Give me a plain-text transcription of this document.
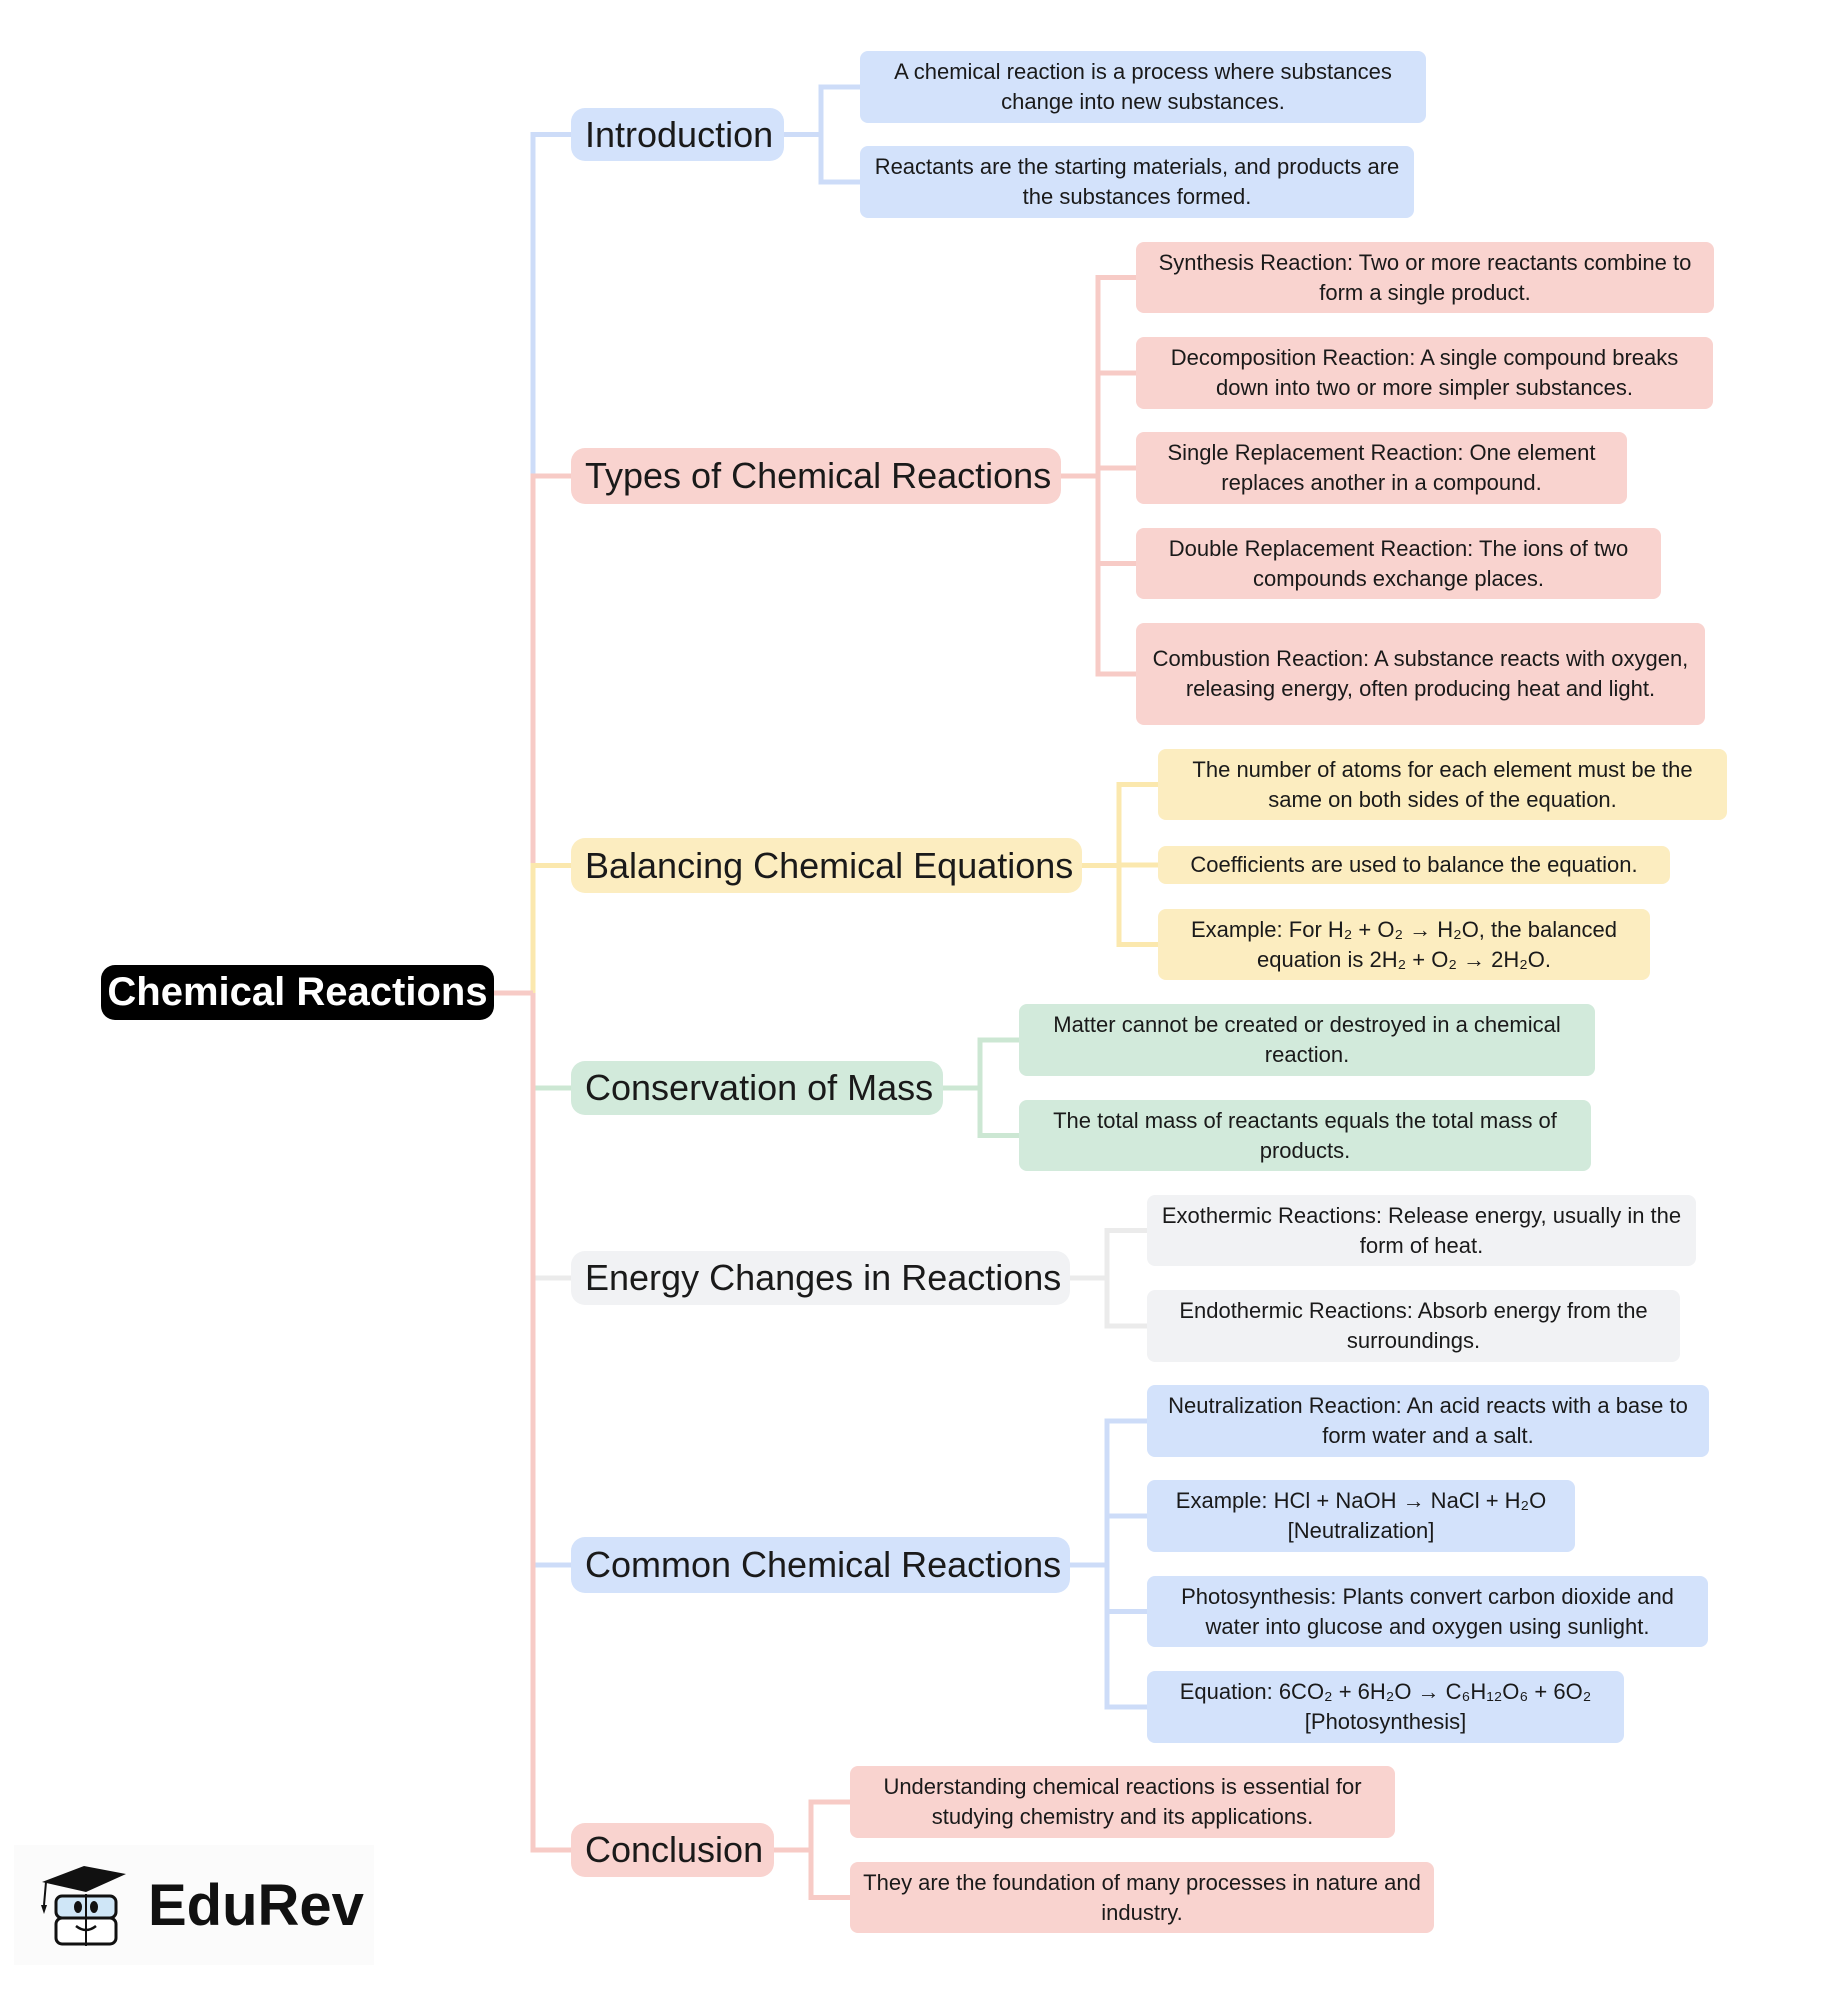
Chemical Reactions
Introduction
A chemical reaction is a process where substances change into new substances.
Reactants are the starting materials, and products are the substances formed.
Types of Chemical Reactions
Synthesis Reaction: Two or more reactants combine to form a single product.
Decomposition Reaction: A single compound breaks down into two or more simpler substances.
Single Replacement Reaction: One element replaces another in a compound.
Double Replacement Reaction: The ions of two compounds exchange places.
Combustion Reaction: A substance reacts with oxygen, releasing energy, often producing heat and light.
Balancing Chemical Equations
The number of atoms for each element must be the same on both sides of the equation.
Coefficients are used to balance the equation.
Example: For H₂ + O₂ → H₂O, the balanced equation is 2H₂ + O₂ → 2H₂O.
Conservation of Mass
Matter cannot be created or destroyed in a chemical reaction.
The total mass of reactants equals the total mass of products.
Energy Changes in Reactions
Exothermic Reactions: Release energy, usually in the form of heat.
Endothermic Reactions: Absorb energy from the surroundings.
Common Chemical Reactions
Neutralization Reaction: An acid reacts with a base to form water and a salt.
Example: HCl + NaOH → NaCl + H₂O [Neutralization]
Photosynthesis: Plants convert carbon dioxide and water into glucose and oxygen using sunlight.
Equation: 6CO₂ + 6H₂O → C₆H₁₂O₆ + 6O₂ [Photosynthesis]
Conclusion
Understanding chemical reactions is essential for studying chemistry and its applications.
They are the foundation of many processes in nature and industry.
EduRev
